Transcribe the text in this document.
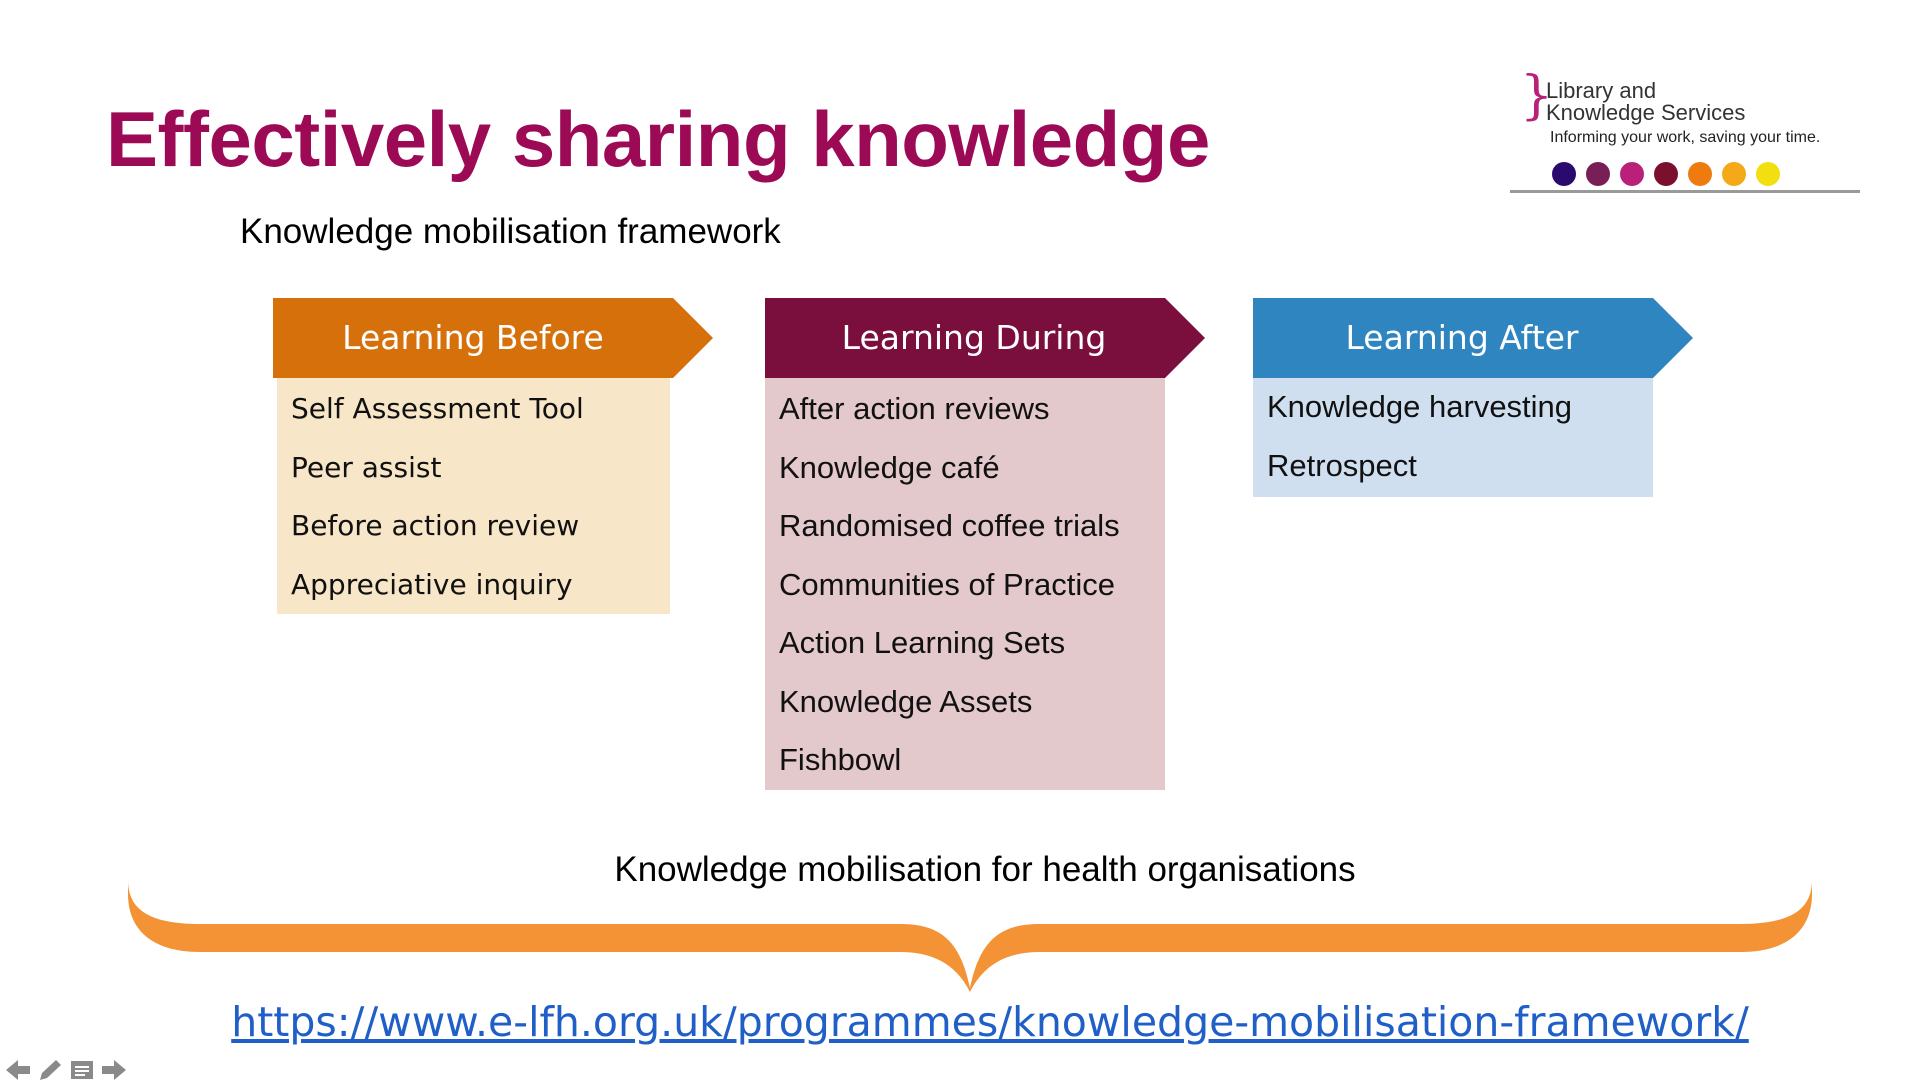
Effectively sharing knowledge
Knowledge mobilisation framework
}
Library and
Knowledge Services
Informing your work, saving your time.
Learning Before
Self Assessment Tool
Peer assist
Before action review
Appreciative inquiry
Learning During
After action reviews
Knowledge café
Randomised coffee trials
Communities of Practice
Action Learning Sets
Knowledge Assets
Fishbowl
Learning After
Knowledge harvesting
Retrospect
Knowledge mobilisation for health organisations
https://www.e-lfh.org.uk/programmes/knowledge-mobilisation-framework/
